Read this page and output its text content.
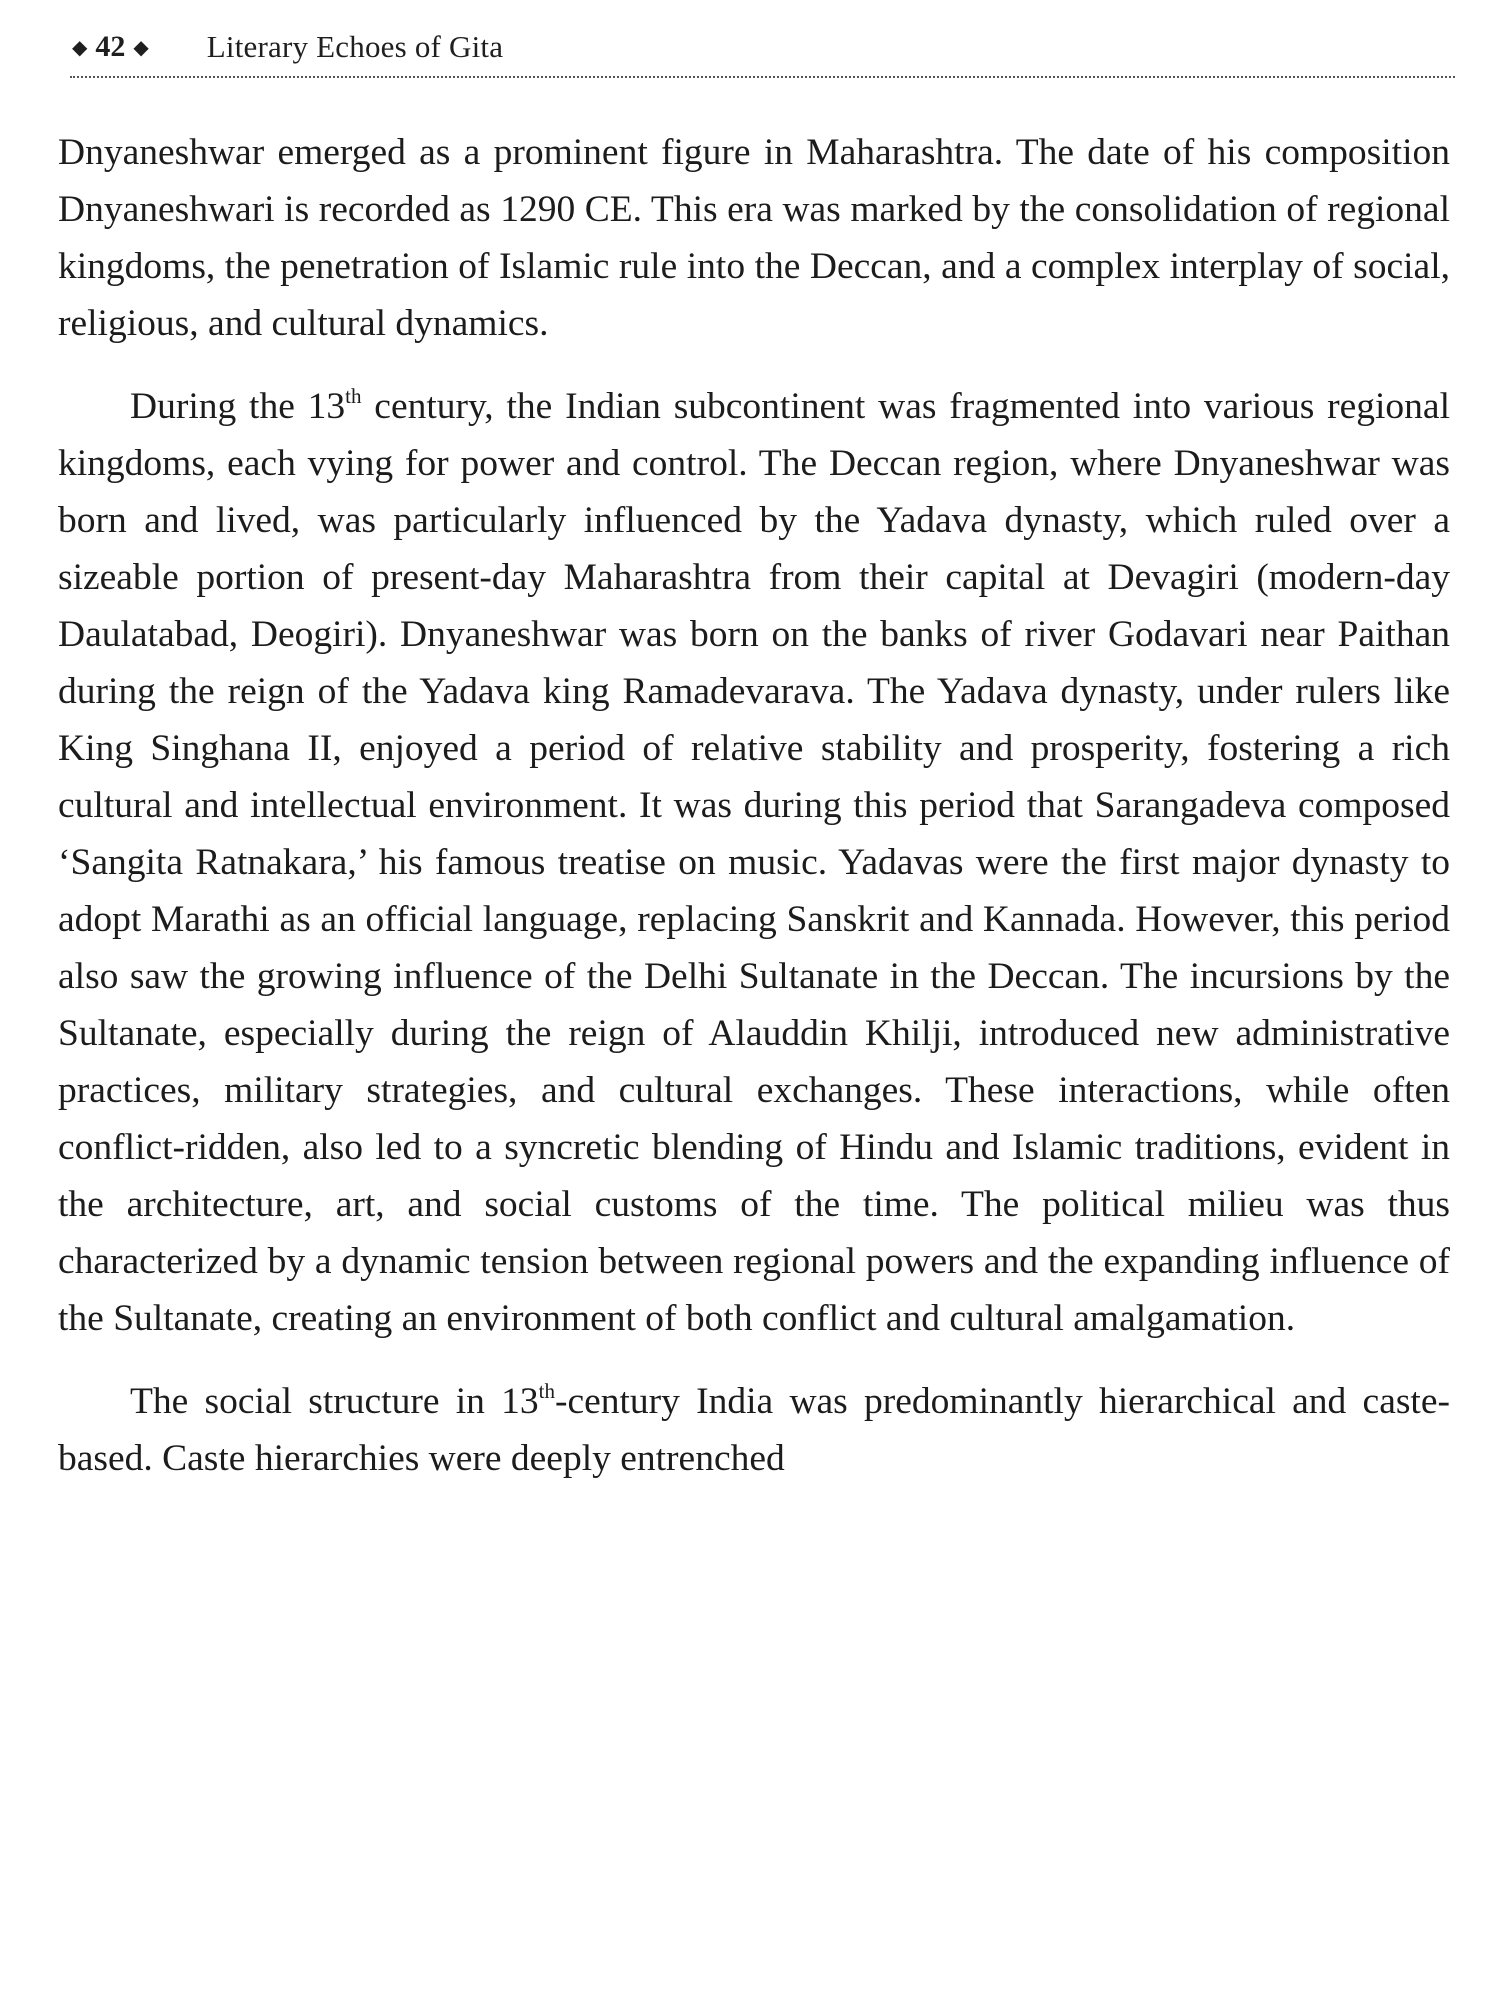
◆ 42 ◆ Literary Echoes of Gita

Dnyaneshwar emerged as a prominent figure in Maharashtra. The date of his composition Dnyaneshwari is recorded as 1290 CE. This era was marked by the consolidation of regional kingdoms, the penetration of Islamic rule into the Deccan, and a complex interplay of social, religious, and cultural dynamics.

During the 13th century, the Indian subcontinent was fragmented into various regional kingdoms, each vying for power and control. The Deccan region, where Dnyaneshwar was born and lived, was particularly influenced by the Yadava dynasty, which ruled over a sizeable portion of present-day Maharashtra from their capital at Devagiri (modern-day Daulatabad, Deogiri). Dnyaneshwar was born on the banks of river Godavari near Paithan during the reign of the Yadava king Ramadevarava. The Yadava dynasty, under rulers like King Singhana II, enjoyed a period of relative stability and prosperity, fostering a rich cultural and intellectual environment. It was during this period that Sarangadeva composed ‘Sangita Ratnakara,’ his famous treatise on music. Yadavas were the first major dynasty to adopt Marathi as an official language, replacing Sanskrit and Kannada. However, this period also saw the growing influence of the Delhi Sultanate in the Deccan. The incursions by the Sultanate, especially during the reign of Alauddin Khilji, introduced new administrative practices, military strategies, and cultural exchanges. These interactions, while often conflict-ridden, also led to a syncretic blending of Hindu and Islamic traditions, evident in the architecture, art, and social customs of the time. The political milieu was thus characterized by a dynamic tension between regional powers and the expanding influence of the Sultanate, creating an environment of both conflict and cultural amalgamation.

The social structure in 13th-century India was predominantly hierarchical and caste-based. Caste hierarchies were deeply entrenched
